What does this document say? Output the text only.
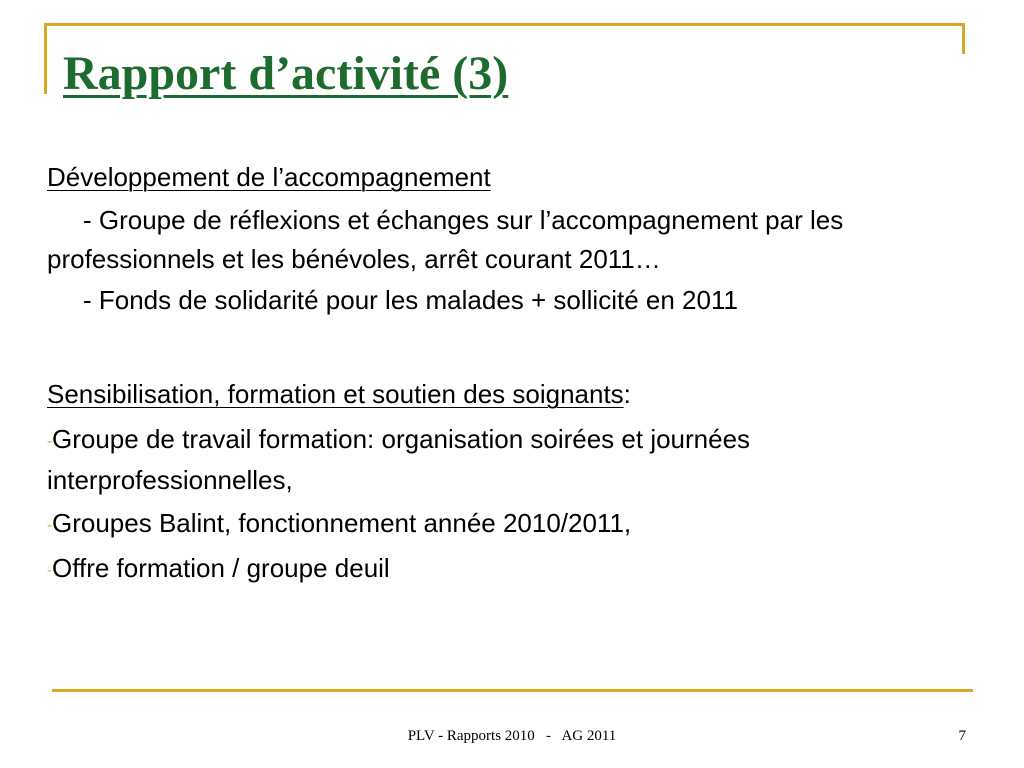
Rapport d’activité (3)

Développement de l’accompagnement

- Groupe de réflexions et échanges sur l’accompagnement par les professionnels et les bénévoles, arrêt courant 2011…

- Fonds de solidarité pour les malades + sollicité en 2011

Sensibilisation, formation et soutien des soignants:

-Groupe de travail formation: organisation soirées et journées interprofessionnelles,

-Groupes Balint, fonctionnement année 2010/2011,

-Offre formation / groupe deuil

PLV - Rapports 2010   -   AG 2011	7
